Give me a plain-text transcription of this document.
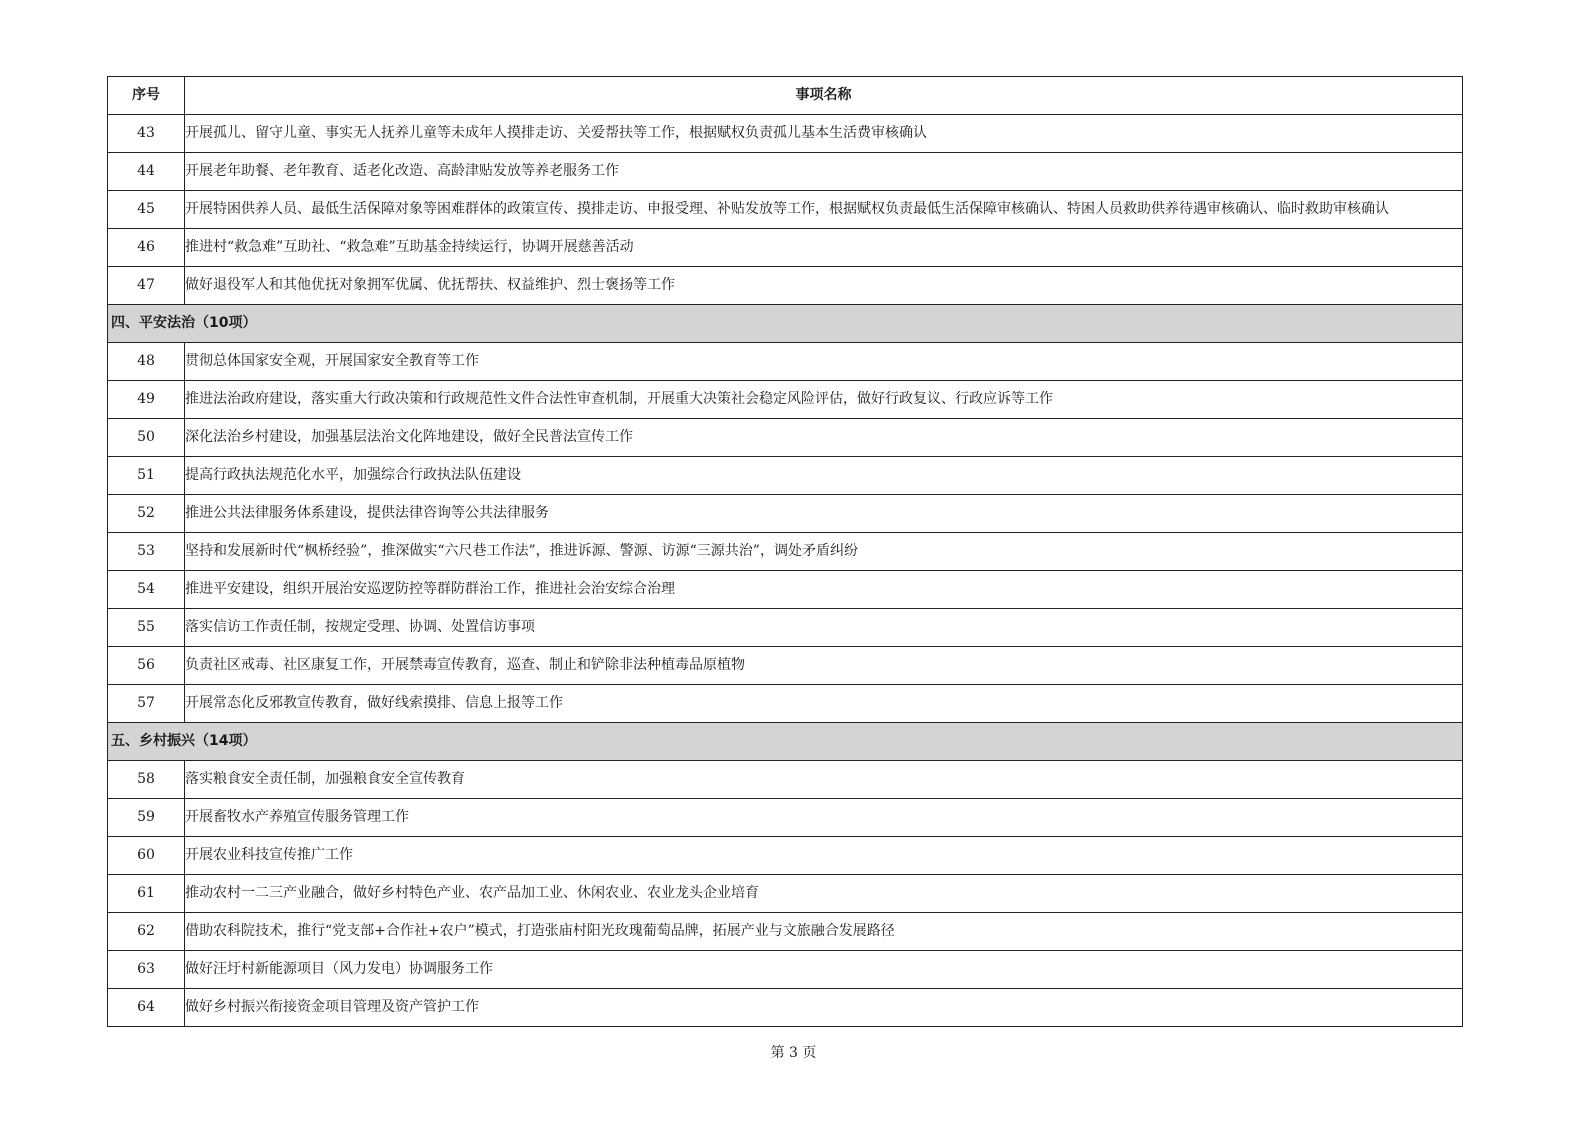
序号	事项名称
43	开展孤儿、留守儿童、事实无人抚养儿童等未成年人摸排走访、关爱帮扶等工作，根据赋权负责孤儿基本生活费审核确认
44	开展老年助餐、老年教育、适老化改造、高龄津贴发放等养老服务工作
45	开展特困供养人员、最低生活保障对象等困难群体的政策宣传、摸排走访、申报受理、补贴发放等工作，根据赋权负责最低生活保障审核确认、特困人员救助供养待遇审核确认、临时救助审核确认
46	推进村“救急难”互助社、“救急难”互助基金持续运行，协调开展慈善活动
47	做好退役军人和其他优抚对象拥军优属、优抚帮扶、权益维护、烈士褒扬等工作
四、平安法治（10项）	
48	贯彻总体国家安全观，开展国家安全教育等工作
49	推进法治政府建设，落实重大行政决策和行政规范性文件合法性审查机制，开展重大决策社会稳定风险评估，做好行政复议、行政应诉等工作
50	深化法治乡村建设，加强基层法治文化阵地建设，做好全民普法宣传工作
51	提高行政执法规范化水平，加强综合行政执法队伍建设
52	推进公共法律服务体系建设，提供法律咨询等公共法律服务
53	坚持和发展新时代“枫桥经验”，推深做实“六尺巷工作法”，推进诉源、警源、访源“三源共治”，调处矛盾纠纷
54	推进平安建设，组织开展治安巡逻防控等群防群治工作，推进社会治安综合治理
55	落实信访工作责任制，按规定受理、协调、处置信访事项
56	负责社区戒毒、社区康复工作，开展禁毒宣传教育，巡查、制止和铲除非法种植毒品原植物
57	开展常态化反邪教宣传教育，做好线索摸排、信息上报等工作
五、乡村振兴（14项）	
58	落实粮食安全责任制，加强粮食安全宣传教育
59	开展畜牧水产养殖宣传服务管理工作
60	开展农业科技宣传推广工作
61	推动农村一二三产业融合，做好乡村特色产业、农产品加工业、休闲农业、农业龙头企业培育
62	借助农科院技术，推行“党支部+合作社+农户”模式，打造张庙村阳光玫瑰葡萄品牌，拓展产业与文旅融合发展路径
63	做好汪圩村新能源项目（风力发电）协调服务工作
64	做好乡村振兴衔接资金项目管理及资产管护工作
第 3 页
